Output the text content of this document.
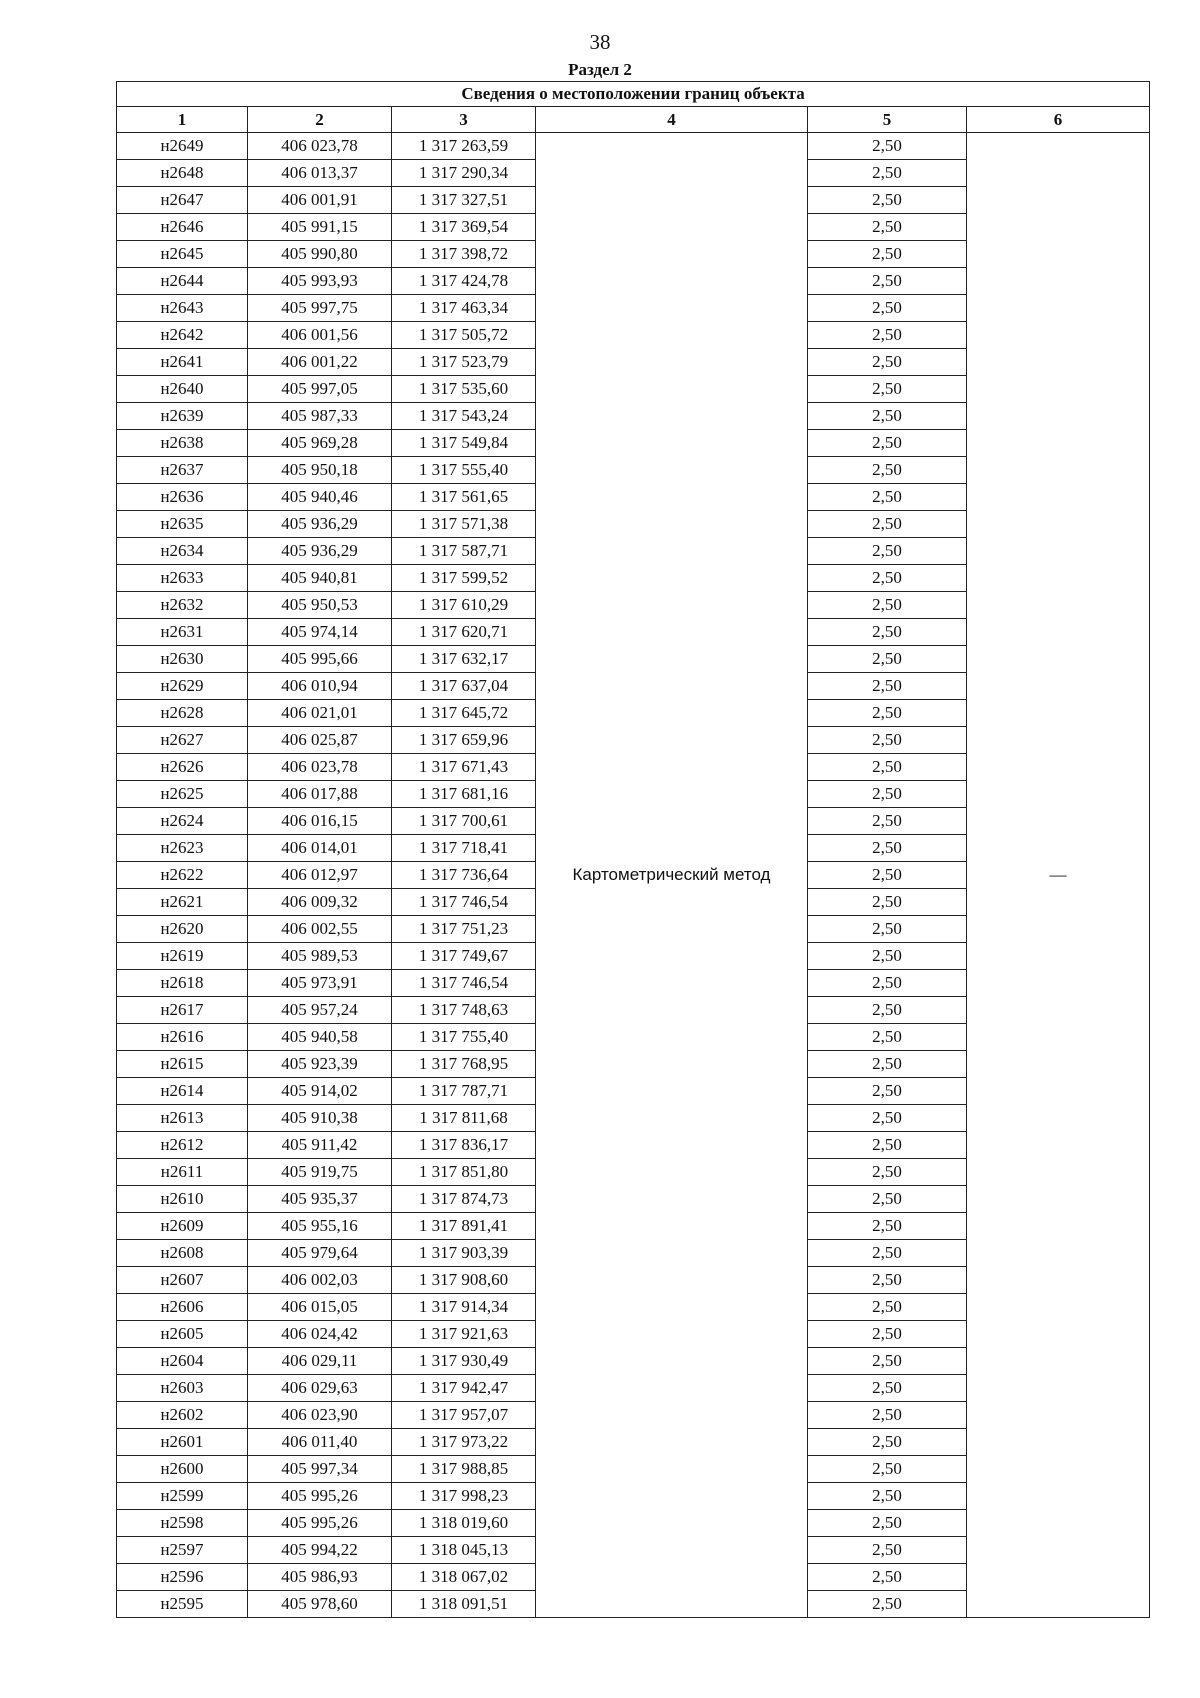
38
Раздел 2
Сведения о местоположении границ объекта					
1	2	3	4	5	6
н2649	406 023,78	1 317 263,59	Картометрический метод	2,50	—
н2648	406 013,37	1 317 290,34		2,50	
н2647	406 001,91	1 317 327,51		2,50	
н2646	405 991,15	1 317 369,54		2,50	
н2645	405 990,80	1 317 398,72		2,50	
н2644	405 993,93	1 317 424,78		2,50	
н2643	405 997,75	1 317 463,34		2,50	
н2642	406 001,56	1 317 505,72		2,50	
н2641	406 001,22	1 317 523,79		2,50	
н2640	405 997,05	1 317 535,60		2,50	
н2639	405 987,33	1 317 543,24		2,50	
н2638	405 969,28	1 317 549,84		2,50	
н2637	405 950,18	1 317 555,40		2,50	
н2636	405 940,46	1 317 561,65		2,50	
н2635	405 936,29	1 317 571,38		2,50	
н2634	405 936,29	1 317 587,71		2,50	
н2633	405 940,81	1 317 599,52		2,50	
н2632	405 950,53	1 317 610,29		2,50	
н2631	405 974,14	1 317 620,71		2,50	
н2630	405 995,66	1 317 632,17		2,50	
н2629	406 010,94	1 317 637,04		2,50	
н2628	406 021,01	1 317 645,72		2,50	
н2627	406 025,87	1 317 659,96		2,50	
н2626	406 023,78	1 317 671,43		2,50	
н2625	406 017,88	1 317 681,16		2,50	
н2624	406 016,15	1 317 700,61		2,50	
н2623	406 014,01	1 317 718,41		2,50	
н2622	406 012,97	1 317 736,64		2,50	
н2621	406 009,32	1 317 746,54		2,50	
н2620	406 002,55	1 317 751,23		2,50	
н2619	405 989,53	1 317 749,67		2,50	
н2618	405 973,91	1 317 746,54		2,50	
н2617	405 957,24	1 317 748,63		2,50	
н2616	405 940,58	1 317 755,40		2,50	
н2615	405 923,39	1 317 768,95		2,50	
н2614	405 914,02	1 317 787,71		2,50	
н2613	405 910,38	1 317 811,68		2,50	
н2612	405 911,42	1 317 836,17		2,50	
н2611	405 919,75	1 317 851,80		2,50	
н2610	405 935,37	1 317 874,73		2,50	
н2609	405 955,16	1 317 891,41		2,50	
н2608	405 979,64	1 317 903,39		2,50	
н2607	406 002,03	1 317 908,60		2,50	
н2606	406 015,05	1 317 914,34		2,50	
н2605	406 024,42	1 317 921,63		2,50	
н2604	406 029,11	1 317 930,49		2,50	
н2603	406 029,63	1 317 942,47		2,50	
н2602	406 023,90	1 317 957,07		2,50	
н2601	406 011,40	1 317 973,22		2,50	
н2600	405 997,34	1 317 988,85		2,50	
н2599	405 995,26	1 317 998,23		2,50	
н2598	405 995,26	1 318 019,60		2,50	
н2597	405 994,22	1 318 045,13		2,50	
н2596	405 986,93	1 318 067,02		2,50	
н2595	405 978,60	1 318 091,51		2,50	
